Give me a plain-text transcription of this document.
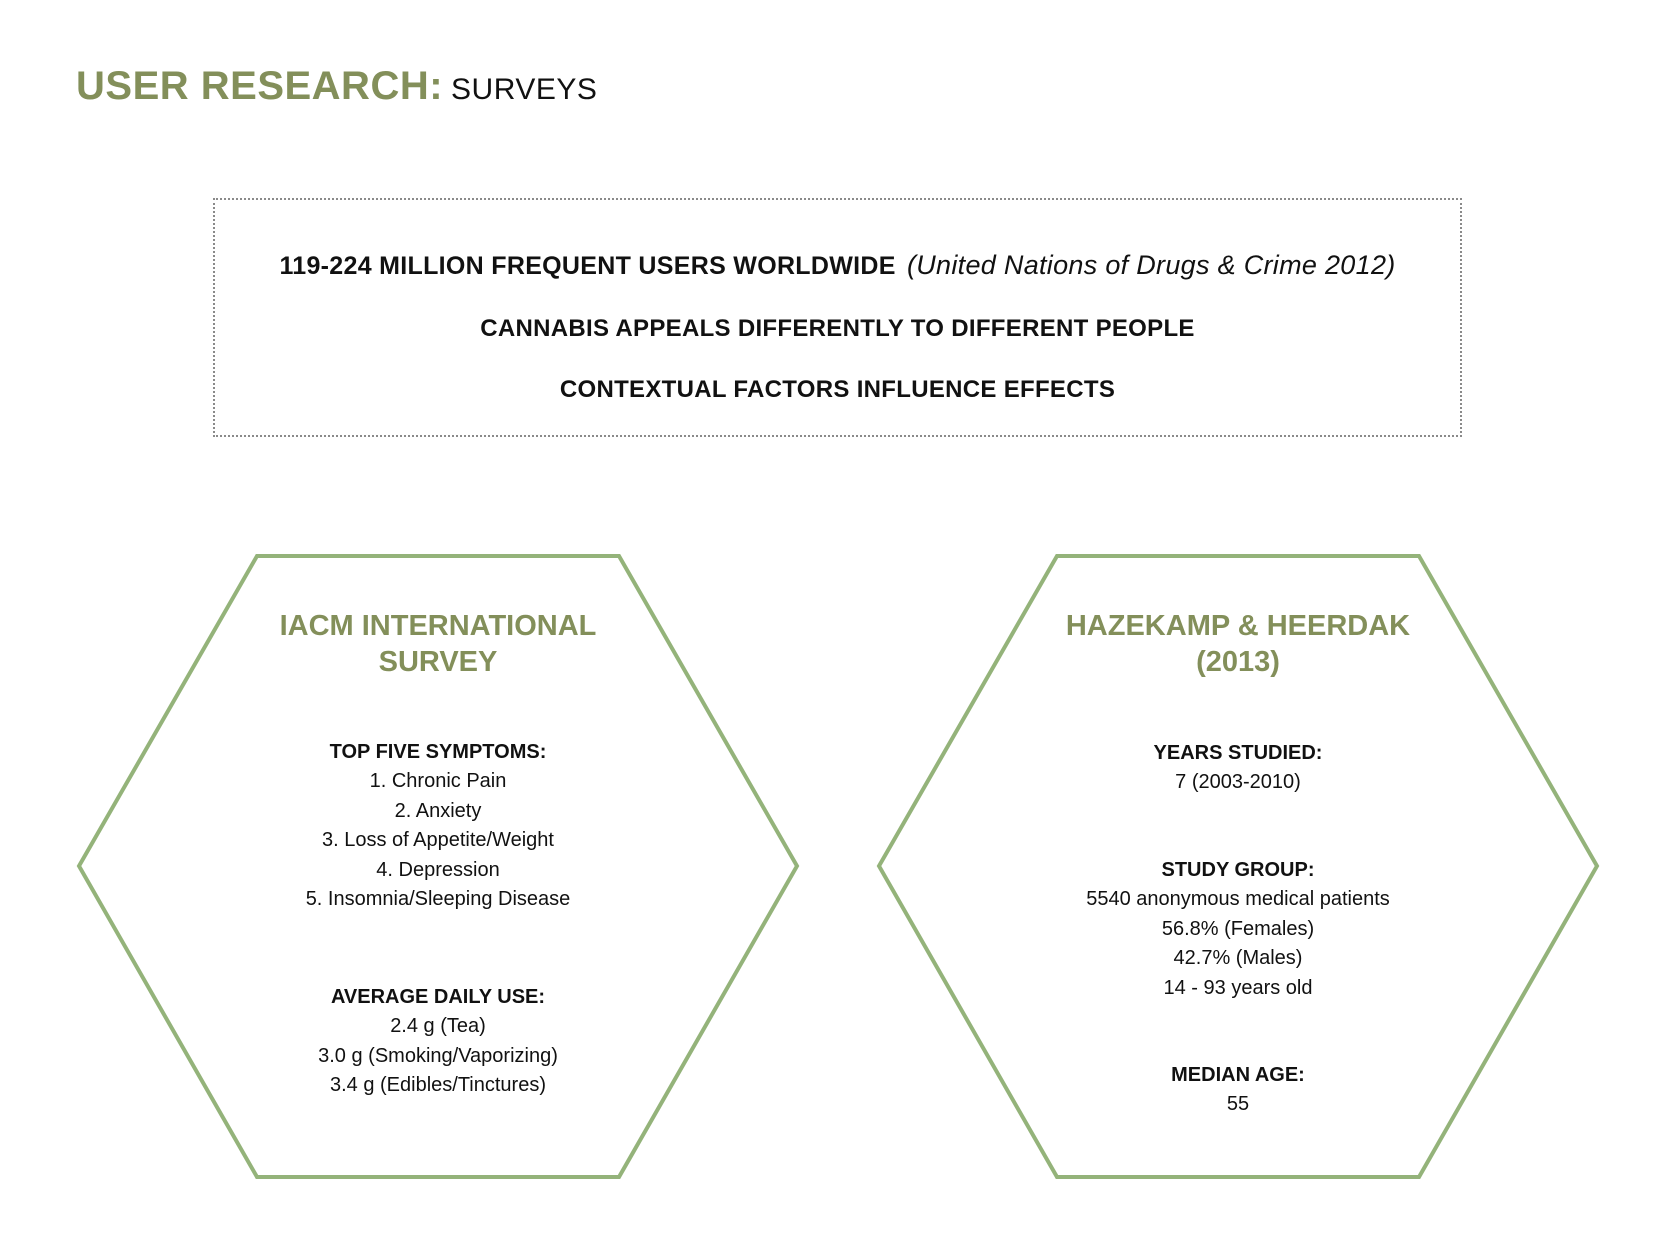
USER RESEARCH: SURVEYS
119-224 MILLION FREQUENT USERS WORLDWIDE (United Nations of Drugs & Crime 2012)
CANNABIS APPEALS DIFFERENTLY TO DIFFERENT PEOPLE
CONTEXTUAL FACTORS INFLUENCE EFFECTS
IACM INTERNATIONAL
SURVEY
TOP FIVE SYMPTOMS:
1. Chronic Pain
2. Anxiety
3. Loss of Appetite/Weight
4. Depression
5. Insomnia/Sleeping Disease
AVERAGE DAILY USE:
2.4 g (Tea)
3.0 g (Smoking/Vaporizing)
3.4 g (Edibles/Tinctures)
HAZEKAMP & HEERDAK
(2013)
YEARS STUDIED:
7 (2003-2010)
STUDY GROUP:
5540 anonymous medical patients
56.8% (Females)
42.7% (Males)
14 - 93 years old
MEDIAN AGE:
55
